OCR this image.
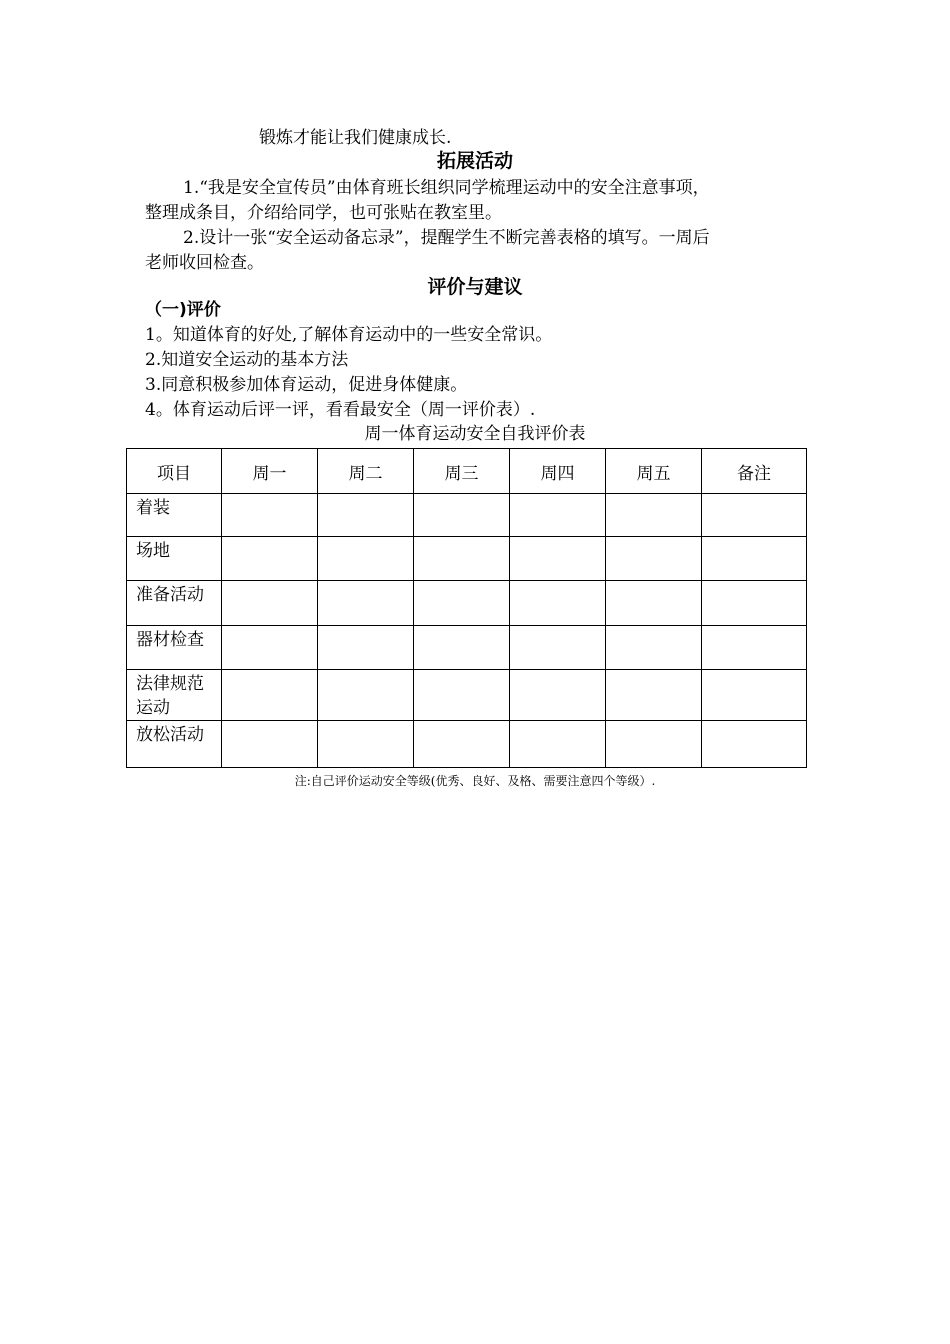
锻炼才能让我们健康成长.
拓展活动
1.“我是安全宣传员”由体育班长组织同学梳理运动中的安全注意事项，
整理成条目，介绍给同学，也可张贴在教室里。
2.设计一张“安全运动备忘录”，提醒学生不断完善表格的填写。一周后
老师收回检查。
评价与建议
（一)评价
1。知道体育的好处,了解体育运动中的一些安全常识。
2.知道安全运动的基本方法
3.同意积极参加体育运动，促进身体健康。
4。体育运动后评一评，看看最安全（周一评价表）.
周一体育运动安全自我评价表
项目	周一	周二	周三	周四	周五	备注

着装						

场地						

准备活动						

器材检查						

法律规范
运动						

放松活动						

注:自己评价运动安全等级(优秀、良好、及格、需要注意四个等级）.
